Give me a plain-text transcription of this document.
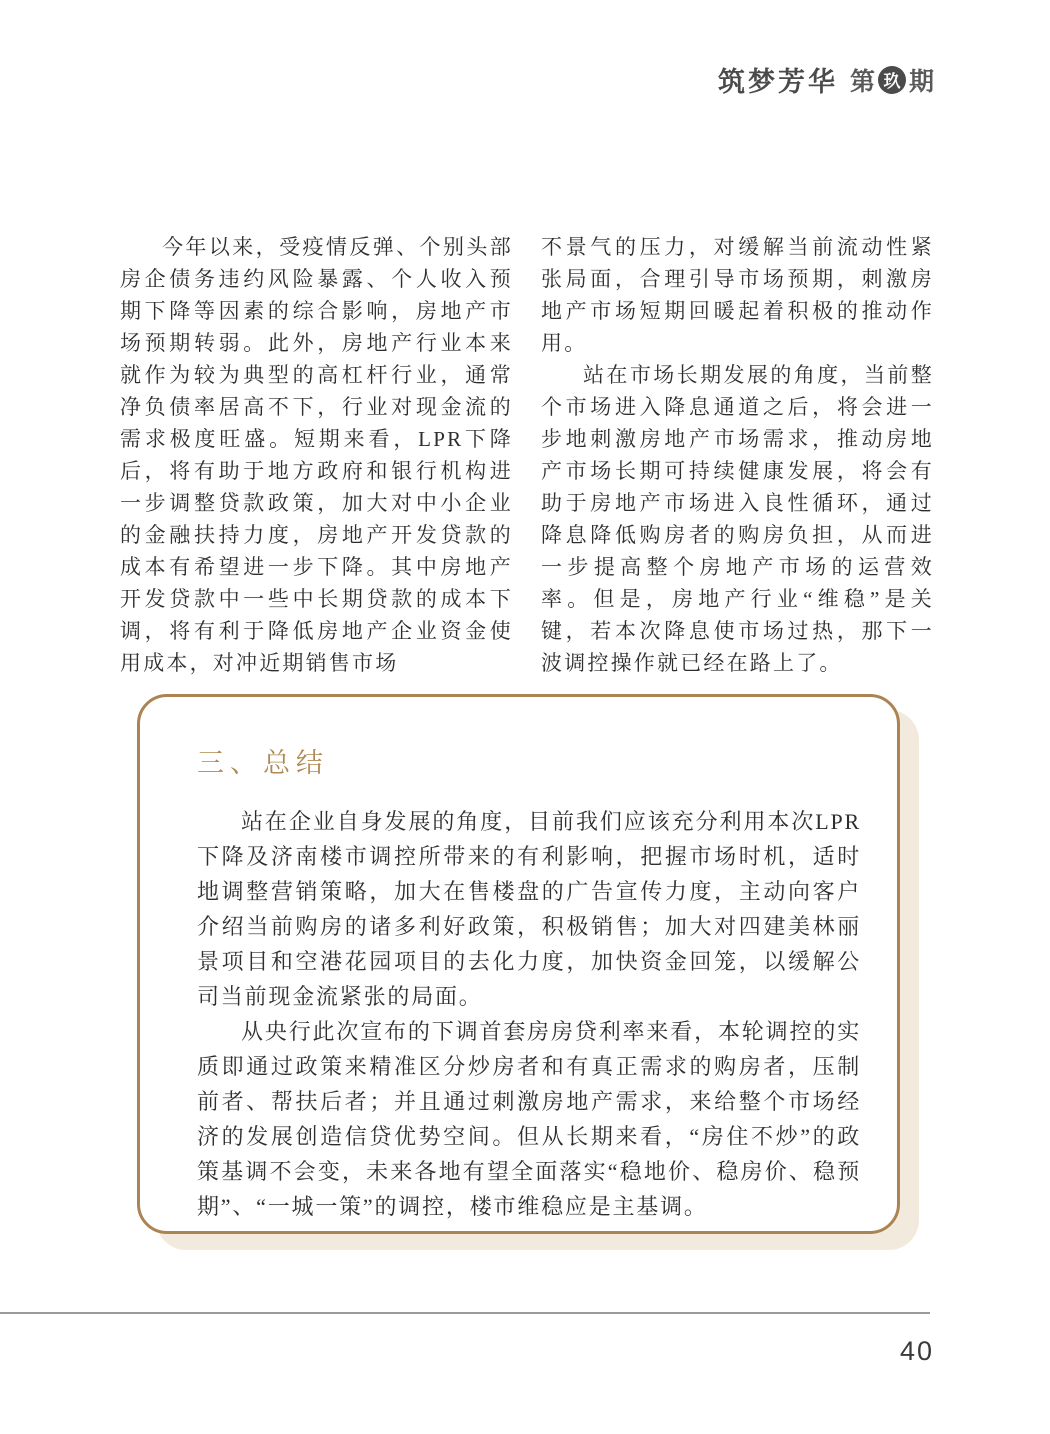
筑梦芳华 第 玖 期

今年以来，受疫情反弹、个别头部房企债务违约风险暴露、个人收入预期下降等因素的综合影响，房地产市场预期转弱。此外，房地产行业本来就作为较为典型的高杠杆行业，通常净负债率居高不下，行业对现金流的需求极度旺盛。短期来看，LPR下降后，将有助于地方政府和银行机构进一步调整贷款政策，加大对中小企业的金融扶持力度，房地产开发贷款的成本有希望进一步下降。其中房地产开发贷款中一些中长期贷款的成本下调，将有利于降低房地产企业资金使用成本，对冲近期销售市场

不景气的压力，对缓解当前流动性紧张局面，合理引导市场预期，刺激房地产市场短期回暖起着积极的推动作用。

站在市场长期发展的角度，当前整个市场进入降息通道之后，将会进一步地刺激房地产市场需求，推动房地产市场长期可持续健康发展，将会有助于房地产市场进入良性循环，通过降息降低购房者的购房负担，从而进一步提高整个房地产市场的运营效率。但是，房地产行业“维稳”是关键，若本次降息使市场过热，那下一波调控操作就已经在路上了。

三、总结

站在企业自身发展的角度，目前我们应该充分利用本次LPR下降及济南楼市调控所带来的有利影响，把握市场时机，适时地调整营销策略，加大在售楼盘的广告宣传力度，主动向客户介绍当前购房的诸多利好政策，积极销售；加大对四建美林丽景项目和空港花园项目的去化力度，加快资金回笼，以缓解公司当前现金流紧张的局面。

从央行此次宣布的下调首套房房贷利率来看，本轮调控的实质即通过政策来精准区分炒房者和有真正需求的购房者，压制前者、帮扶后者；并且通过刺激房地产需求，来给整个市场经济的发展创造信贷优势空间。但从长期来看，“房住不炒”的政策基调不会变，未来各地有望全面落实“稳地价、稳房价、稳预期”、“一城一策”的调控，楼市维稳应是主基调。

40
